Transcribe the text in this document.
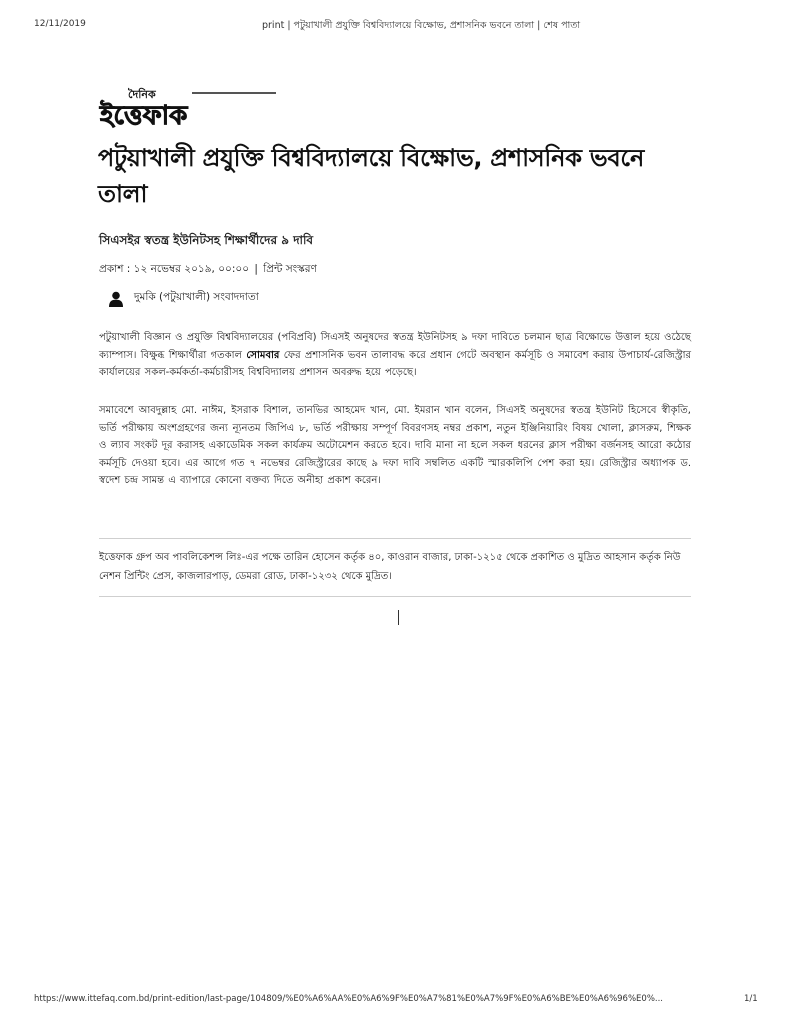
12/11/2019	print | পটুয়াখালী প্রযুক্তি বিশ্ববিদ্যালয়ে বিক্ষোভ, প্রশাসনিক ভবনে তালা | শেষ পাতা
দৈনিক
ইত্তেফাক
পটুয়াখালী প্রযুক্তি বিশ্ববিদ্যালয়ে বিক্ষোভ, প্রশাসনিক ভবনে তালা
সিএসইর স্বতন্ত্র ইউনিটসহ শিক্ষার্থীদের ৯ দাবি
প্রকাশ : ১২ নভেম্বর ২০১৯, ০০:০০ | প্রিন্ট সংস্করণ
দুমকি (পটুয়াখালী) সংবাদদাতা
পটুয়াখালী বিজ্ঞান ও প্রযুক্তি বিশ্ববিদ্যালয়ের (পবিপ্রবি) সিএসই অনুষদের স্বতন্ত্র ইউনিটসহ ৯ দফা দাবিতে চলমান ছাত্র বিক্ষোভে উত্তাল হয়ে ওঠেছে ক্যাম্পাস। বিক্ষুব্ধ শিক্ষার্থীরা গতকাল সোমবার ফের প্রশাসনিক ভবন তালাবদ্ধ করে প্রধান গেটে অবস্থান কর্মসূচি ও সমাবেশ করায় উপাচার্য-রেজিস্ট্রার কার্যালয়ের সকল-কর্মকর্তা-কর্মচারীসহ বিশ্ববিদ্যালয় প্রশাসন অবরুদ্ধ হয়ে পড়েছে।
সমাবেশে আবদুল্লাহ মো. নাঈম, ইসরাক বিশাল, তানভির আহমেদ খান, মো. ইমরান খান বলেন, সিএসই অনুষদের স্বতন্ত্র ইউনিট হিসেবে স্বীকৃতি, ভর্তি পরীক্ষায় অংশগ্রহণের জন্য ন্যূনতম জিপিএ ৮, ভর্তি পরীক্ষায় সম্পূর্ণ বিবরণসহ নম্বর প্রকাশ, নতুন ইঞ্জিনিয়ারিং বিষয় খোলা, ক্লাসরুম, শিক্ষক ও ল্যাব সংকট দূর করাসহ একাডেমিক সকল কার্যক্রম অটোমেশন করতে হবে। দাবি মানা না হলে সকল ধরনের ক্লাস পরীক্ষা বর্জনসহ আরো কঠোর কর্মসূচি দেওয়া হবে। এর আগে গত ৭ নভেম্বর রেজিস্ট্রারের কাছে ৯ দফা দাবি সম্বলিত একটি স্মারকলিপি পেশ করা হয়। রেজিস্ট্রার অধ্যাপক ড. স্বদেশ চন্দ্র সামন্ত এ ব্যাপারে কোনো বক্তব্য দিতে অনীহা প্রকাশ করেন।
ইত্তেফাক গ্রুপ অব পাবলিকেশন্স লিঃ-এর পক্ষে তারিন হোসেন কর্তৃক ৪০, কাওরান বাজার, ঢাকা-১২১৫ থেকে প্রকাশিত ও মুদ্রিত আহসান কর্তৃক নিউ নেশন প্রিন্টিং প্রেস, কাজলারপাড়, ডেমরা রোড, ঢাকা-১২৩২ থেকে মুদ্রিত।
https://www.ittefaq.com.bd/print-edition/last-page/104809/%E0%A6%AA%E0%A6%9F%E0%A7%81%E0%A7%9F%E0%A6%BE%E0%A6%96%E0%...	1/1
